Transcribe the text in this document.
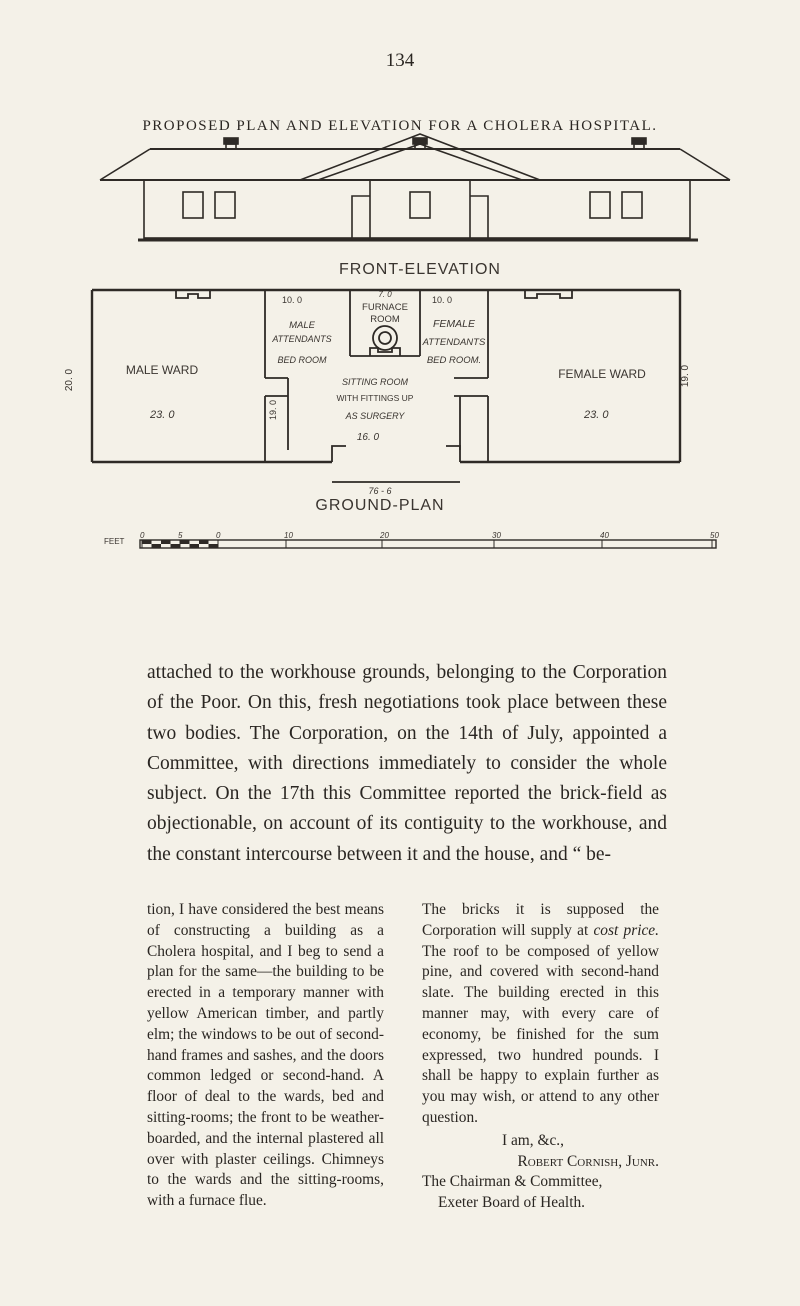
134
PROPOSED PLAN AND ELEVATION FOR A CHOLERA HOSPITAL.
FRONT-ELEVATION
MALE WARD
23. 0
20. 0
10. 0
MALE
ATTENDANTS
BED ROOM
19. 0
7. 0
FURNACE
ROOM
10. 0
FEMALE
ATTENDANTS
BED ROOM.
SITTING ROOM
WITH FITTINGS UP
AS SURGERY
16. 0
76 - 6
FEMALE WARD
23. 0
19. 0
GROUND-PLAN
FEET
0	5	0	10	20	30	40	50
attached to the workhouse grounds, belonging to the Corporation of the Poor. On this, fresh negotiations took place between these two bodies. The Corporation, on the 14th of July, appointed a Committee, with directions immediately to consider the whole subject. On the 17th this Committee reported the brick-field as objectionable, on account of its contiguity to the workhouse, and the constant intercourse between it and the house, and “ be-

tion, I have considered the best means of constructing a building as a Cholera hospital, and I beg to send a plan for the same—the building to be erected in a temporary manner with yellow American timber, and partly elm; the windows to be out of second-hand frames and sashes, and the doors common ledged or second-hand. A floor of deal to the wards, bed and sitting-rooms; the front to be weather-boarded, and the internal plastered all over with plaster ceilings. Chimneys to the wards and the sitting-rooms, with a furnace flue.

The bricks it is supposed the Corporation will supply at cost price. The roof to be composed of yellow pine, and covered with second-hand slate. The building erected in this manner may, with every care of economy, be finished for the sum expressed, two hundred pounds. I shall be happy to explain further as you may wish, or attend to any other question.

I am, &c.,
Robert Cornish, Junr.
The Chairman & Committee,
Exeter Board of Health.
